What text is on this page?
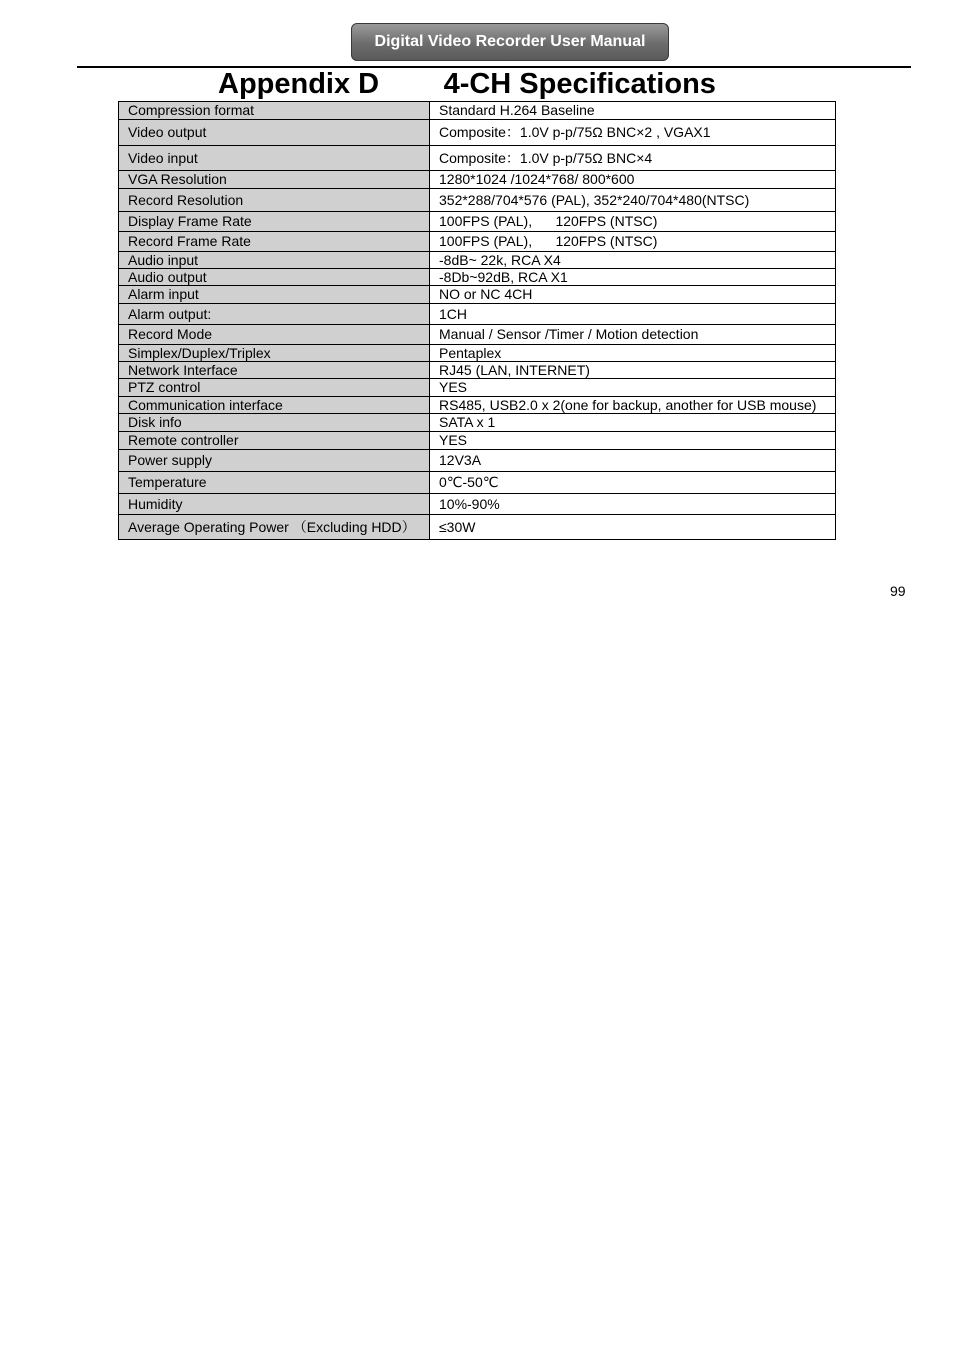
Digital Video Recorder User Manual
Appendix D        4-CH Specifications
Compression format	Standard H.264 Baseline
Video output	Composite：1.0V p-p/75Ω BNC×2 , VGAX1
Video input	Composite：1.0V p-p/75Ω BNC×4
VGA Resolution	1280*1024 /1024*768/ 800*600
Record Resolution	352*288/704*576 (PAL), 352*240/704*480(NTSC)
Display Frame Rate	100FPS (PAL),      120FPS (NTSC)
Record Frame Rate	100FPS (PAL),      120FPS (NTSC)
Audio input	-8dB~ 22k, RCA X4
Audio output	-8Db~92dB, RCA X1
Alarm input	NO or NC 4CH
Alarm output:	1CH
Record Mode	Manual / Sensor /Timer / Motion detection
Simplex/Duplex/Triplex	Pentaplex
Network Interface	RJ45 (LAN, INTERNET)
PTZ control	YES
Communication interface	RS485, USB2.0 x 2(one for backup, another for USB mouse)
Disk info	SATA x 1
Remote controller	YES
Power supply	12V3A
Temperature	0℃-50℃
Humidity	10%-90%
Average Operating Power （Excluding HDD）	≤30W
99
